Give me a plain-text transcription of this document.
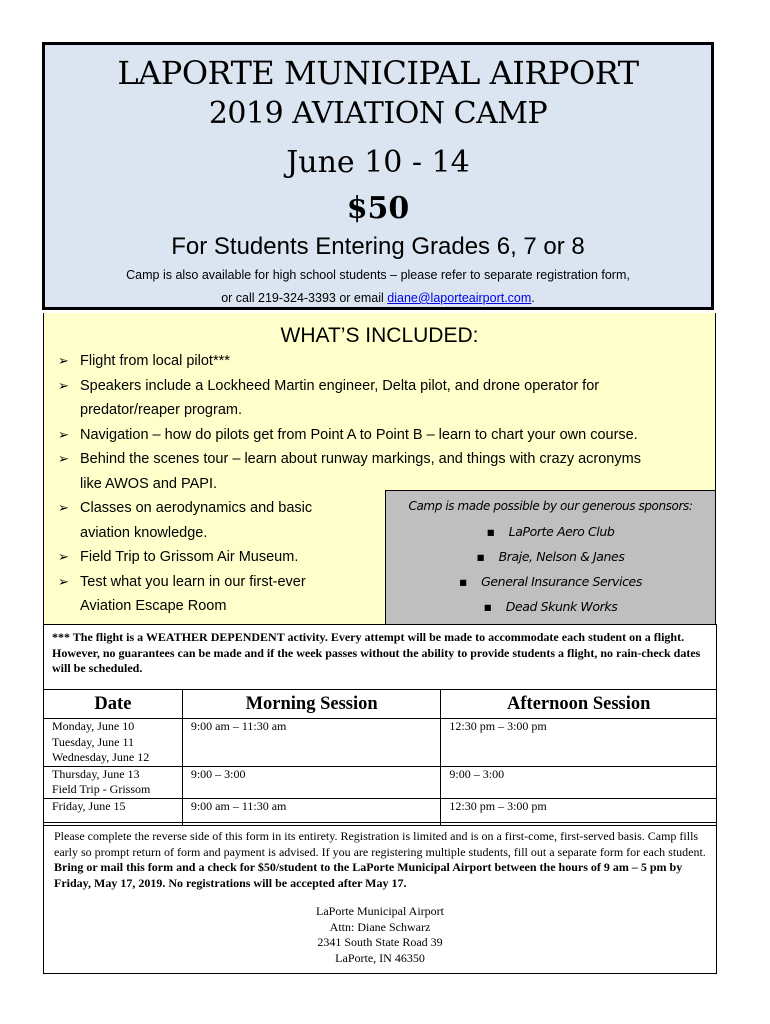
LAPORTE MUNICIPAL AIRPORT
2019 AVIATION CAMP
June 10 - 14
$50
For Students Entering Grades 6, 7 or 8
Camp is also available for high school students – please refer to separate registration form,
or call 219-324-3393 or email diane@laporteairport.com.
WHAT’S INCLUDED:
➢ Flight from local pilot***
➢ Speakers include a Lockheed Martin engineer, Delta pilot, and drone operator for
predator/reaper program.
➢ Navigation – how do pilots get from Point A to Point B – learn to chart your own course.
➢ Behind the scenes tour – learn about runway markings, and things with crazy acronyms
like AWOS and PAPI.
➢ Classes on aerodynamics and basic
aviation knowledge.
➢ Field Trip to Grissom Air Museum.
➢ Test what you learn in our first-ever
Aviation Escape Room
Camp is made possible by our generous sponsors:
▪ LaPorte Aero Club
▪ Braje, Nelson & Janes
▪ General Insurance Services
▪ Dead Skunk Works
*** The flight is a WEATHER DEPENDENT activity. Every attempt will be made to accommodate each student on a flight. However, no guarantees can be made and if the week passes without the ability to provide students a flight, no rain-check dates will be scheduled.
Date	Morning Session	Afternoon Session

Monday, June 10
Tuesday, June 11
Wednesday, June 12	9:00 am – 11:30 am	12:30 pm – 3:00 pm

Thursday, June 13
Field Trip - Grissom	9:00 – 3:00	9:00 – 3:00

Friday, June 15	9:00 am – 11:30 am	12:30 pm – 3:00 pm
Please complete the reverse side of this form in its entirety. Registration is limited and is on a first-come, first-served basis. Camp fills early so prompt return of form and payment is advised. If you are registering multiple students, fill out a separate form for each student. Bring or mail this form and a check for $50/student to the LaPorte Municipal Airport between the hours of 9 am – 5 pm by Friday, May 17, 2019. No registrations will be accepted after May 17.
LaPorte Municipal Airport
Attn: Diane Schwarz
2341 South State Road 39
LaPorte, IN 46350
